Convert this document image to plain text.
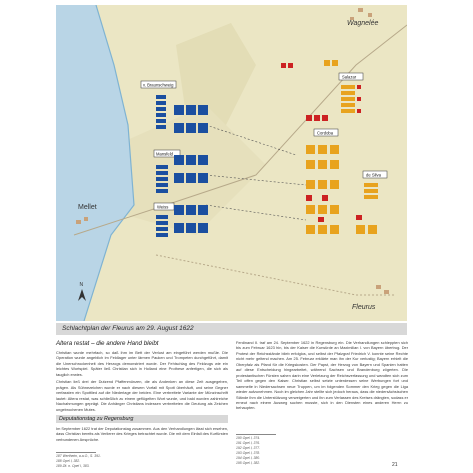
Wagnelée
Mellet
Fleurus
v. Braunschweig
Mansfeld
Weiss
Salazar
Cordoba
de Silva
N
Schlachtplan der Fleurus am 29. August 1622
Altera restat – die andere Hand bleibt

Christian wurde mehrfach, so daß ihm im Bett der Verlust am eingeführt werden mußte. Die Operation wurde angeblich im Feldlager unter lärmen Pauken und Trompeten durchgeführt, damit die Unerschrockenheit des Herzogs demonstriert wurde. Der Fehlschlag des Feldzugs wie ein leichtes Wortspiel. Später ließ Christian sich in Holland eine Prothese anfertigen, die sich als tauglich erwies.

Christian ließ drei der Dutzend Pfaffenmünzen, die als Andenken an diese Zeit ausgegeben, prägen. Als Sühnezeichen wurde er nach diesem Vorfall mit Spott überhäuft, und seine Gegner verfassten ein Spottlied auf die Niederlage der beiden. Eine verbreitete Variante der Münzinschrift lautet: Altera restat, was schließlich zu einem geflügelten Wort wurde, und bald wurden zahlreiche Nachahmungen geprägt. Die Anhänger Christians indessen verbreiteten die Deutung als Zeichen ungebrochenen Mutes.

Deputationstag zu Regensburg

Im September 1622 trat der Deputationstag zusammen. Aus den Verhandlungen lässt sich ersehen, dass Christian bereits als Verlierer des Krieges betrachtet wurde. Die mit dem Einfall des Kurfürsten verbundenen Ansprüche.

Ferdinand II. traf am 24. September 1622 in Regensburg ein. Die Verhandlungen schleppten sich bis zum Februar 1623 hin, bis der Kaiser die Kurwürde an Maximilian I. von Bayern übertrug. Der Protest der Reichsstände blieb erfolglos, und selbst der Pfalzgraf Friedrich V. konnte seine Rechte nicht mehr geltend machen. Am 25. Februar erklärte man ihn der Kur verlustig; Bayern erhielt die Oberpfalz als Pfand für die Kriegskosten. Der Papst, der Herzog von Bayern und Spanien hatten auf diese Entscheidung hingearbeitet, während Sachsen und Brandenburg zögerten. Die protestantischen Fürsten sahen darin eine Verletzung der Reichsverfassung und wandten sich zum Teil offen gegen den Kaiser. Christian selbst setzte unterdessen seine Werbungen fort und sammelte in Niedersachsen neue Truppen, um im folgenden Sommer den Krieg gegen die Liga wieder aufzunehmen. Noch im gleichen Jahr stellte sich jedoch heraus, dass die niedersächsischen Stände ihm die Unterstützung verweigerten und ihn zum Verlassen des Kreises drängten, sodass er erneut nach einem Ausweg suchen musste, sich in den Diensten eines anderen Herrn zu behaupten.

187 Wertheim, a.a.O., S. 391.
188 Opel I, 382.
189 Zit. n. Opel I, 383.
190 Opel I, 374.
191 Opel I, 376.
192 Opel I, 377.
193 Opel I, 378.
194 Opel I, 380.
195 Opel I, 382.	21
